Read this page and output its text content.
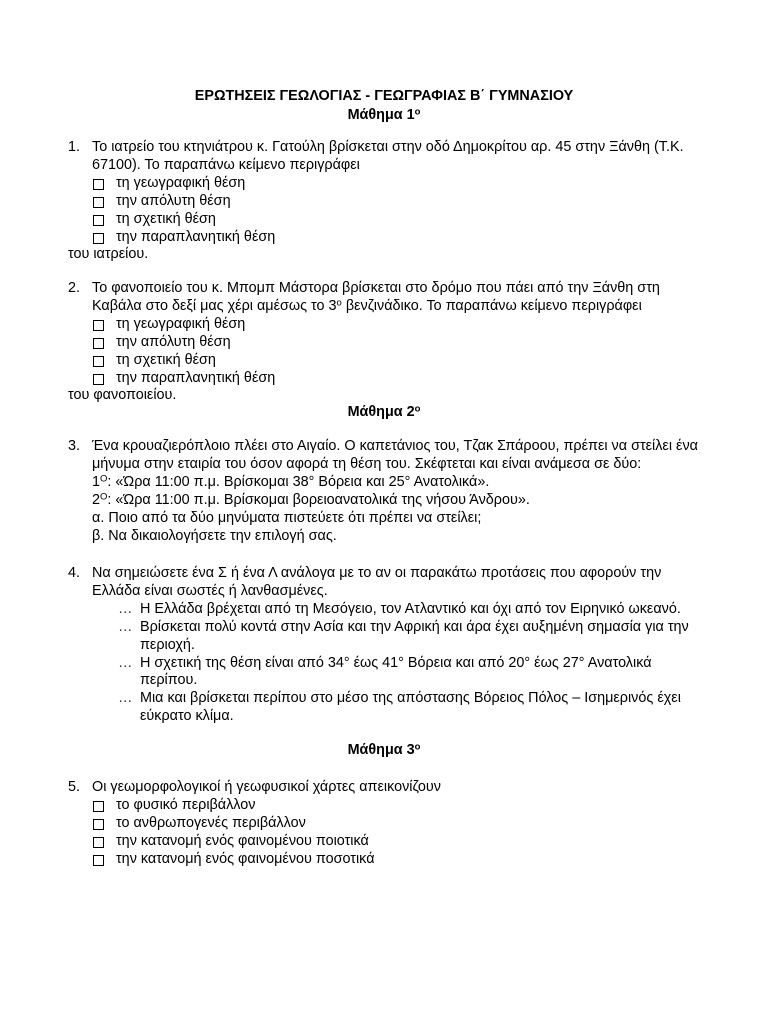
ΕΡΩΤΗΣΕΙΣ ΓΕΩΛΟΓΙΑΣ - ΓΕΩΓΡΑΦΙΑΣ Β΄ ΓΥΜΝΑΣΙΟΥ
Μάθημα $1^o$
1. Το ιατρείο του κτηνιάτρου κ. Γατούλη βρίσκεται στην οδό Δημοκρίτου αρ. 45 στην Ξάνθη (Τ.Κ.
67100). Το παραπάνω κείμενο περιγράφει
τη γεωγραφική θέση
την απόλυτη θέση
τη σχετική θέση
την παραπλανητική θέση
του ιατρείου.
2. Το φανοποιείο του κ. Μπομπ Μάστορα βρίσκεται στο δρόμο που πάει από την Ξάνθη στη
Καβάλα στο δεξί μας χέρι αμέσως το $3^o$ βενζινάδικο. Το παραπάνω κείμενο περιγράφει
τη γεωγραφική θέση
την απόλυτη θέση
τη σχετική θέση
την παραπλανητική θέση
του φανοποιείου.
Μάθημα $2^o$
3. Ένα κρουαζιερόπλοιο πλέει στο Αιγαίο. Ο καπετάνιος του, Τζακ Σπάροου, πρέπει να στείλει ένα
μήνυμα στην εταιρία του όσον αφορά τη θέση του. Σκέφτεται και είναι ανάμεσα σε δύο:
$1^O$: «Ώρα 11:00 π.μ. Βρίσκομαι 38° Βόρεια και 25° Ανατολικά».
$2^O$: «Ώρα 11:00 π.μ. Βρίσκομαι βορειοανατολικά της νήσου Άνδρου».
α. Ποιο από τα δύο μηνύματα πιστεύετε ότι πρέπει να στείλει;
β. Να δικαιολογήσετε την επιλογή σας.
4. Να σημειώσετε ένα Σ ή ένα Λ ανάλογα με το αν οι παρακάτω προτάσεις που αφορούν την
Ελλάδα είναι σωστές ή λανθασμένες.
… Η Ελλάδα βρέχεται από τη Μεσόγειο, τον Ατλαντικό και όχι από τον Ειρηνικό ωκεανό.
… Βρίσκεται πολύ κοντά στην Ασία και την Αφρική και άρα έχει αυξημένη σημασία για την
περιοχή.
… Η σχετική της θέση είναι από 34° έως 41° Βόρεια και από 20° έως 27° Ανατολικά
περίπου.
… Μια και βρίσκεται περίπου στο μέσο της απόστασης Βόρειος Πόλος – Ισημερινός έχει
εύκρατο κλίμα.
Μάθημα $3^o$
5. Οι γεωμορφολογικοί ή γεωφυσικοί χάρτες απεικονίζουν
το φυσικό περιβάλλον
το ανθρωπογενές περιβάλλον
την κατανομή ενός φαινομένου ποιοτικά
την κατανομή ενός φαινομένου ποσοτικά
